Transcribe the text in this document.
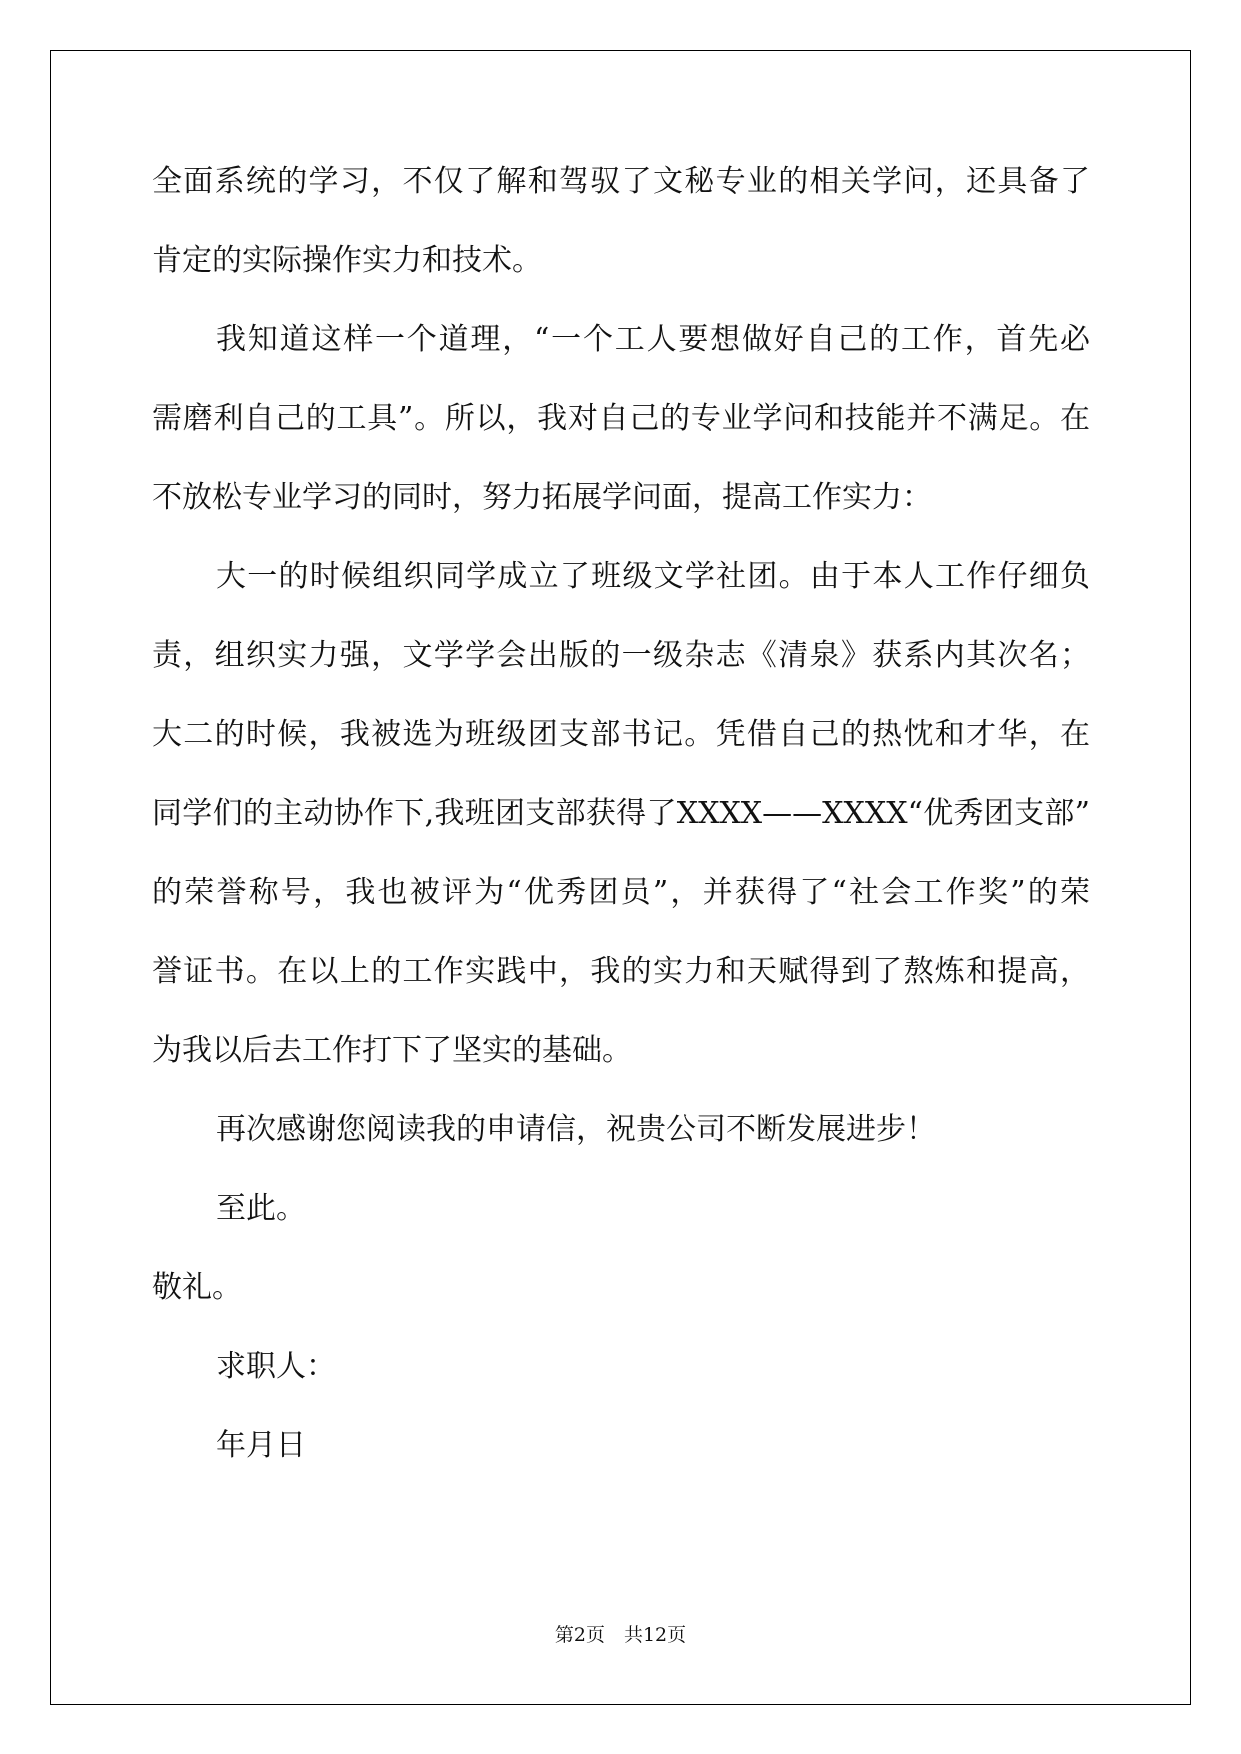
全面系统的学习，不仅了解和驾驭了文秘专业的相关学问，还具备了
肯定的实际操作实力和技术。
我知道这样一个道理，“一个工人要想做好自己的工作，首先必
需磨利自己的工具”。所以，我对自己的专业学问和技能并不满足。在
不放松专业学习的同时，努力拓展学问面，提高工作实力：
大一的时候组织同学成立了班级文学社团。由于本人工作仔细负
责，组织实力强，文学学会出版的一级杂志《清泉》获系内其次名；
大二的时候，我被选为班级团支部书记。凭借自己的热忱和才华，在
同学们的主动协作下,我班团支部获得了XXXX——XXXX“优秀团支部”
的荣誉称号，我也被评为“优秀团员”，并获得了“社会工作奖”的荣
誉证书。在以上的工作实践中，我的实力和天赋得到了熬炼和提高，
为我以后去工作打下了坚实的基础。
再次感谢您阅读我的申请信，祝贵公司不断发展进步！
至此。
敬礼。
求职人：
年月日
第2页　共12页
